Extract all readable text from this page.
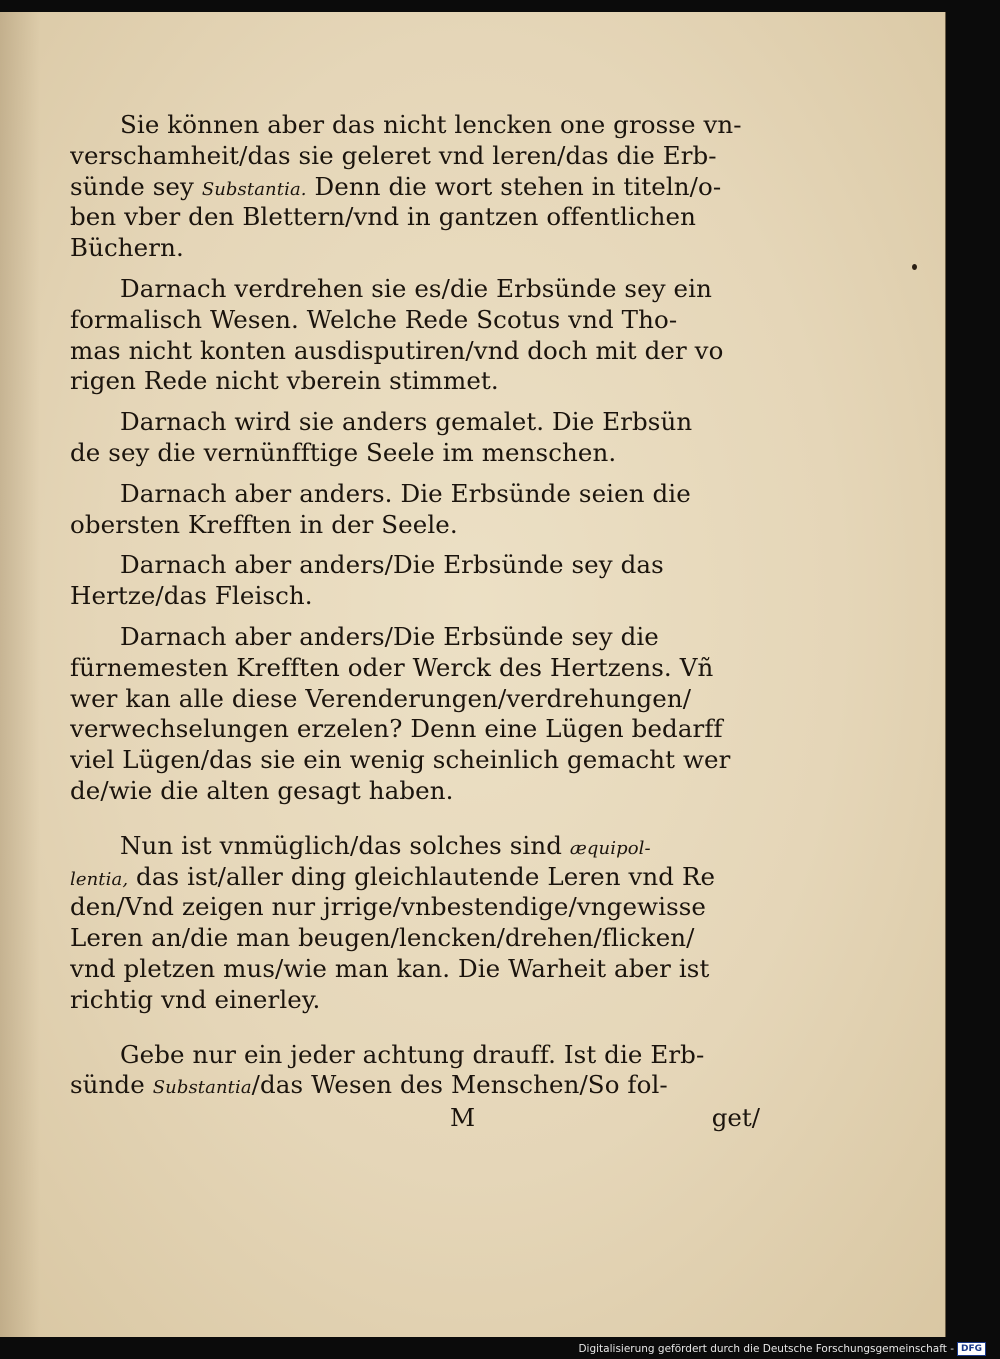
Sie können aber das nicht lencken one grosse vn-
verschamheit/das sie geleret vnd leren/das die Erb-
sünde sey Substantia. Denn die wort stehen in titeln/o-
ben vber den Blettern/vnd in gantzen offentlichen
Büchern.
Darnach verdrehen sie es/die Erbsünde sey ein
formalisch Wesen. Welche Rede Scotus vnd Tho-
mas nicht konten ausdisputiren/vnd doch mit der vo
rigen Rede nicht vberein stimmet.
Darnach wird sie anders gemalet. Die Erbsün
de sey die vernünfftige Seele im menschen.
Darnach aber anders. Die Erbsünde seien die
obersten Krefften in der Seele.
Darnach aber anders/Die Erbsünde sey das
Hertze/das Fleisch.
Darnach aber anders/Die Erbsünde sey die
fürnemesten Krefften oder Werck des Hertzens. Vñ
wer kan alle diese Verenderungen/verdrehungen/
verwechselungen erzelen? Denn eine Lügen bedarff
viel Lügen/das sie ein wenig scheinlich gemacht wer
de/wie die alten gesagt haben.
Nun ist vnmüglich/das solches sind æquipol-
lentia, das ist/aller ding gleichlautende Leren vnd Re
den/Vnd zeigen nur jrrige/vnbestendige/vngewisse
Leren an/die man beugen/lencken/drehen/flicken/
vnd pletzen mus/wie man kan. Die Warheit aber ist
richtig vnd einerley.
Gebe nur ein jeder achtung drauff. Ist die Erb-
sünde Substantia/das Wesen des Menschen/So fol-
M	get/
Digitalisierung gefördert durch die Deutsche Forschungsgemeinschaft - DFG
